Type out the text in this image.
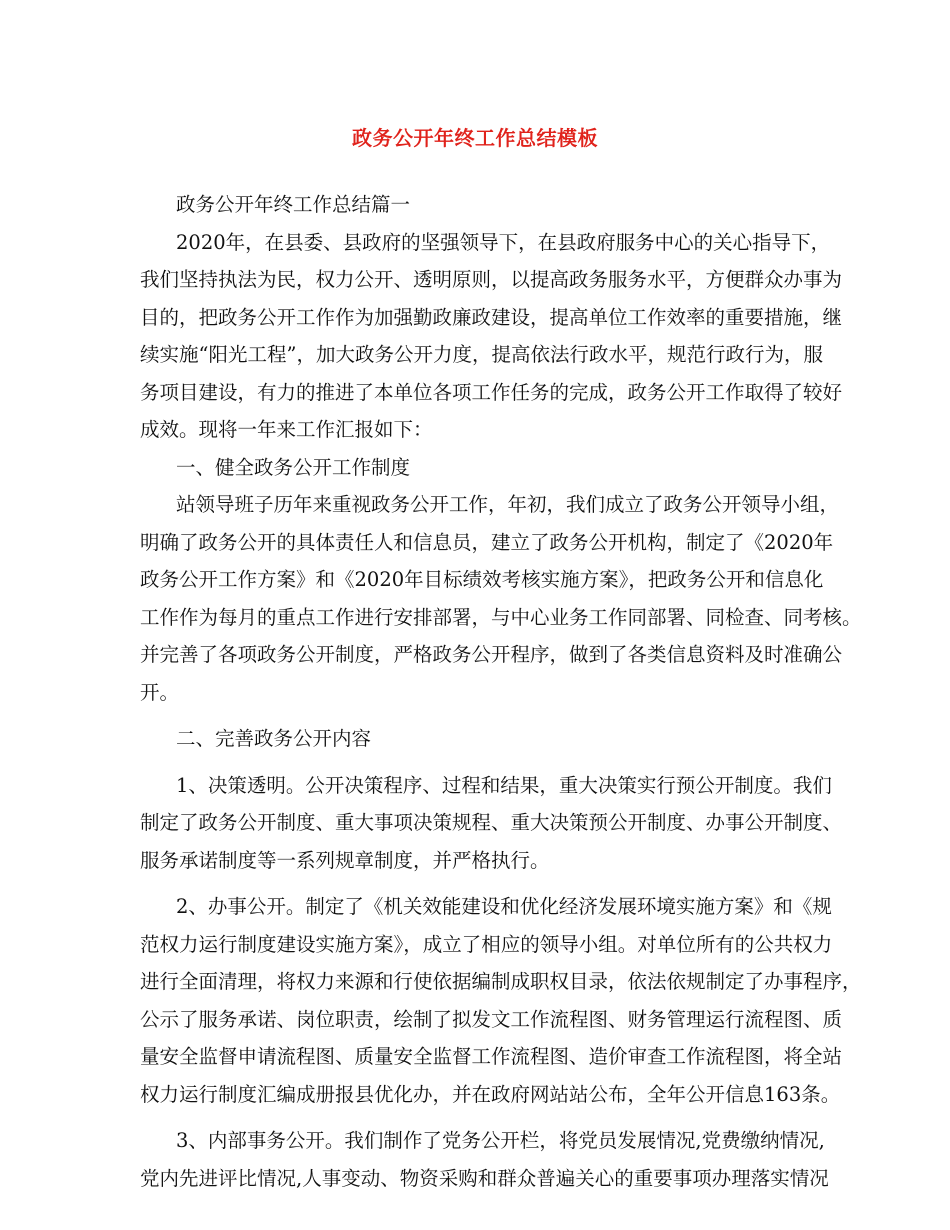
政务公开年终工作总结模板
政务公开年终工作总结篇一
2020年，在县委、县政府的坚强领导下，在县政府服务中心的关心指导下，
我们坚持执法为民，权力公开、透明原则，以提高政务服务水平，方便群众办事为
目的，把政务公开工作作为加强勤政廉政建设，提高单位工作效率的重要措施，继
续实施“阳光工程”，加大政务公开力度，提高依法行政水平，规范行政行为，服
务项目建设，有力的推进了本单位各项工作任务的完成，政务公开工作取得了较好
成效。现将一年来工作汇报如下：
一、健全政务公开工作制度
站领导班子历年来重视政务公开工作，年初，我们成立了政务公开领导小组，
明确了政务公开的具体责任人和信息员，建立了政务公开机构，制定了《2020年
政务公开工作方案》和《2020年目标绩效考核实施方案》，把政务公开和信息化
工作作为每月的重点工作进行安排部署，与中心业务工作同部署、同检查、同考核。
并完善了各项政务公开制度，严格政务公开程序，做到了各类信息资料及时准确公
开。
二、完善政务公开内容
1、决策透明。公开决策程序、过程和结果，重大决策实行预公开制度。我们
制定了政务公开制度、重大事项决策规程、重大决策预公开制度、办事公开制度、
服务承诺制度等一系列规章制度，并严格执行。
2、办事公开。制定了《机关效能建设和优化经济发展环境实施方案》和《规
范权力运行制度建设实施方案》，成立了相应的领导小组。对单位所有的公共权力
进行全面清理，将权力来源和行使依据编制成职权目录，依法依规制定了办事程序，
公示了服务承诺、岗位职责，绘制了拟发文工作流程图、财务管理运行流程图、质
量安全监督申请流程图、质量安全监督工作流程图、造价审查工作流程图，将全站
权力运行制度汇编成册报县优化办，并在政府网站站公布，全年公开信息163条。
3、内部事务公开。我们制作了党务公开栏，将党员发展情况,党费缴纳情况,
党内先进评比情况,人事变动、物资采购和群众普遍关心的重要事项办理落实情况
